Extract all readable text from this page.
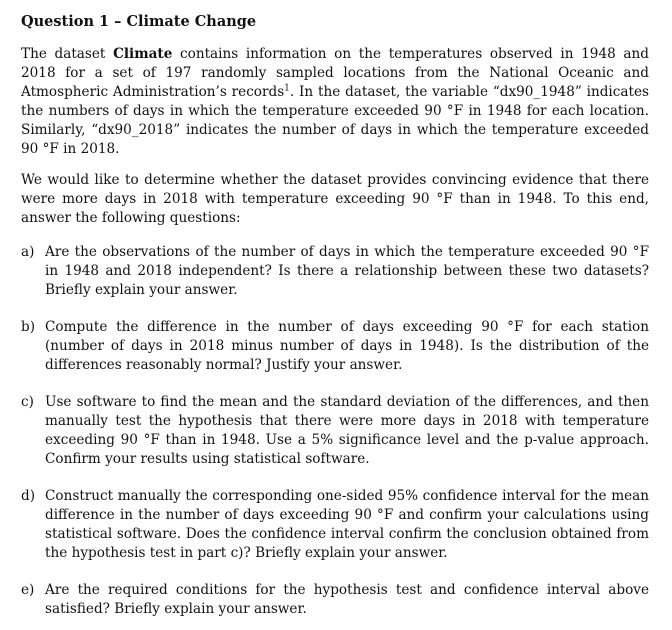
Question 1 – Climate Change

The dataset Climate contains information on the temperatures observed in 1948 and 2018 for a set of 197 randomly sampled locations from the National Oceanic and Atmospheric Administration’s records$^1$. In the dataset, the variable “dx90_1948” indicates the numbers of days in which the temperature exceeded 90 °F in 1948 for each location. Similarly, “dx90_2018” indicates the number of days in which the temperature exceeded 90 °F in 2018.

We would like to determine whether the dataset provides convincing evidence that there were more days in 2018 with temperature exceeding 90 °F than in 1948. To this end, answer the following questions:

a) Are the observations of the number of days in which the temperature exceeded 90 °F in 1948 and 2018 independent? Is there a relationship between these two datasets? Briefly explain your answer.
b) Compute the difference in the number of days exceeding 90 °F for each station (number of days in 2018 minus number of days in 1948). Is the distribution of the differences reasonably normal? Justify your answer.
c) Use software to find the mean and the standard deviation of the differences, and then manually test the hypothesis that there were more days in 2018 with temperature exceeding 90 °F than in 1948. Use a 5% significance level and the p-value approach. Confirm your results using statistical software.
d) Construct manually the corresponding one-sided 95% confidence interval for the mean difference in the number of days exceeding 90 °F and confirm your calculations using statistical software. Does the confidence interval confirm the conclusion obtained from the hypothesis test in part c)? Briefly explain your answer.
e) Are the required conditions for the hypothesis test and confidence interval above satisfied? Briefly explain your answer.
